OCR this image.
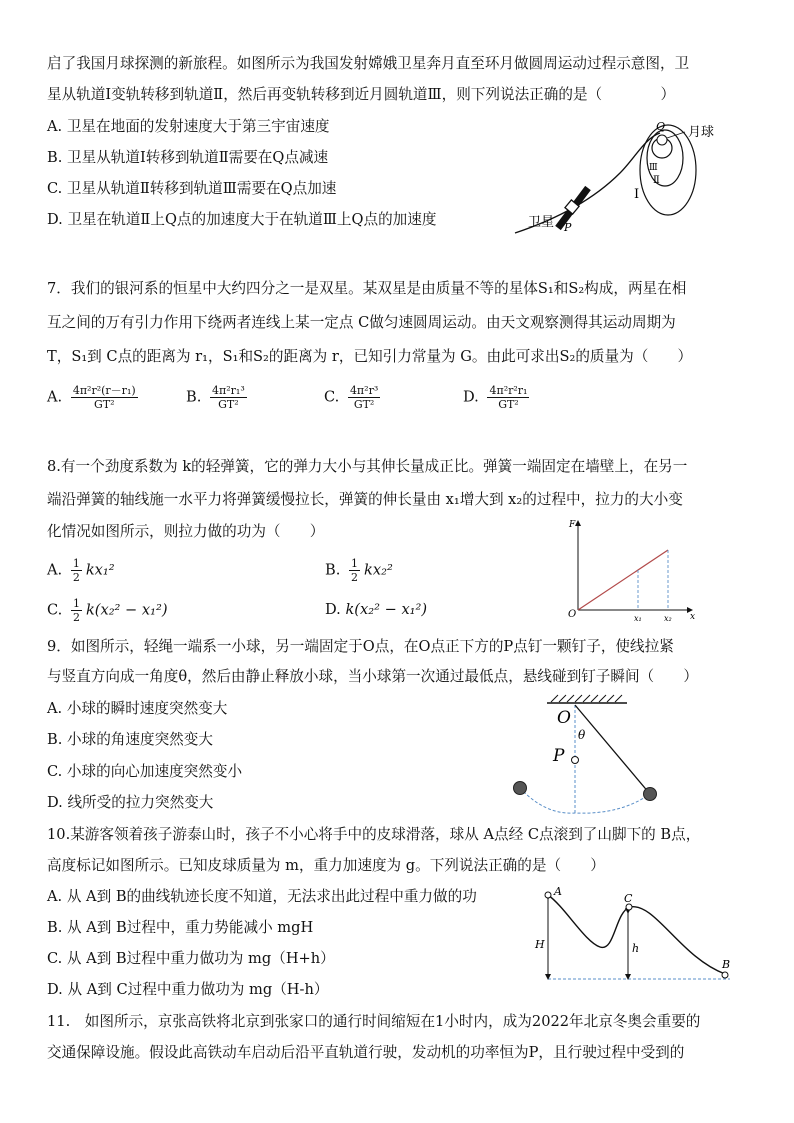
启了我国月球探测的新旅程。如图所示为我国发射嫦娥卫星奔月直至环月做圆周运动过程示意图，卫
星从轨道Ⅰ变轨转移到轨道Ⅱ，然后再变轨转移到近月圆轨道Ⅲ，则下列说法正确的是（　　　　）
A. 卫星在地面的发射速度大于第三宇宙速度
B. 卫星从轨道Ⅰ转移到轨道Ⅱ需要在Q点减速
C. 卫星从轨道Ⅱ转移到轨道Ⅲ需要在Q点加速
D. 卫星在轨道Ⅱ上Q点的加速度大于在轨道Ⅲ上Q点的加速度	卫星 P
Q 月球
Ⅰ
Ⅱ
Ⅲ
7．我们的银河系的恒星中大约四分之一是双星。某双星是由质量不等的星体S₁和S₂构成，两星在相
互之间的万有引力作用下绕两者连线上某一定点 C做匀速圆周运动。由天文观察测得其运动周期为
T，S₁到 C点的距离为 r₁，S₁和S₂的距离为 r，已知引力常量为 G。由此可求出S₂的质量为（　　）
A. $\frac{\text{4π²r²(r－r₁)}}{\text{GT²}}$	B. $\frac{\text{4π²r₁³}}{\text{GT²}}$	C. $\frac{\text{4π²r³}}{\text{GT²}}$	D. $\frac{\text{4π²r²r₁}}{\text{GT²}}$
8.有一个劲度系数为 k的轻弹簧，它的弹力大小与其伸长量成正比。弹簧一端固定在墙壁上，在另一
端沿弹簧的轴线施一水平力将弹簧缓慢拉长，弹簧的伸长量由 x₁增大到 x₂的过程中，拉力的大小变
化情况如图所示，则拉力做的功为（　　）
A. $\frac{1}{2} kx_1^2$	B. $\frac{1}{2} kx_2^2$
C. $\frac{1}{2} k(x_2^2 - x_1^2)$	D. k(x₂² − x₁²)
F
x
O	x₁	x₂
9．如图所示，轻绳一端系一小球，另一端固定于O点，在O点正下方的P点钉一颗钉子，使线拉紧
与竖直方向成一角度θ，然后由静止释放小球，当小球第一次通过最低点，悬线碰到钉子瞬间（　　）
A. 小球的瞬时速度突然变大
B. 小球的角速度突然变大
C. 小球的向心加速度突然变小
D. 线所受的拉力突然变大
O
P
θ
10.某游客领着孩子游泰山时，孩子不小心将手中的皮球滑落，球从 A点经 C点滚到了山脚下的 B点，
高度标记如图所示。已知皮球质量为 m，重力加速度为 g。下列说法正确的是（　　）
A. 从 A到 B的曲线轨迹长度不知道，无法求出此过程中重力做的功
B. 从 A到 B过程中，重力势能减小 mgH
C. 从 A到 B过程中重力做功为 mg（H+h）
D. 从 A到 C过程中重力做功为 mg（H-h）
A
C
B
H	h
11.　如图所示，京张高铁将北京到张家口的通行时间缩短在1小时内，成为2022年北京冬奥会重要的
交通保障设施。假设此高铁动车启动后沿平直轨道行驶，发动机的功率恒为P，且行驶过程中受到的
